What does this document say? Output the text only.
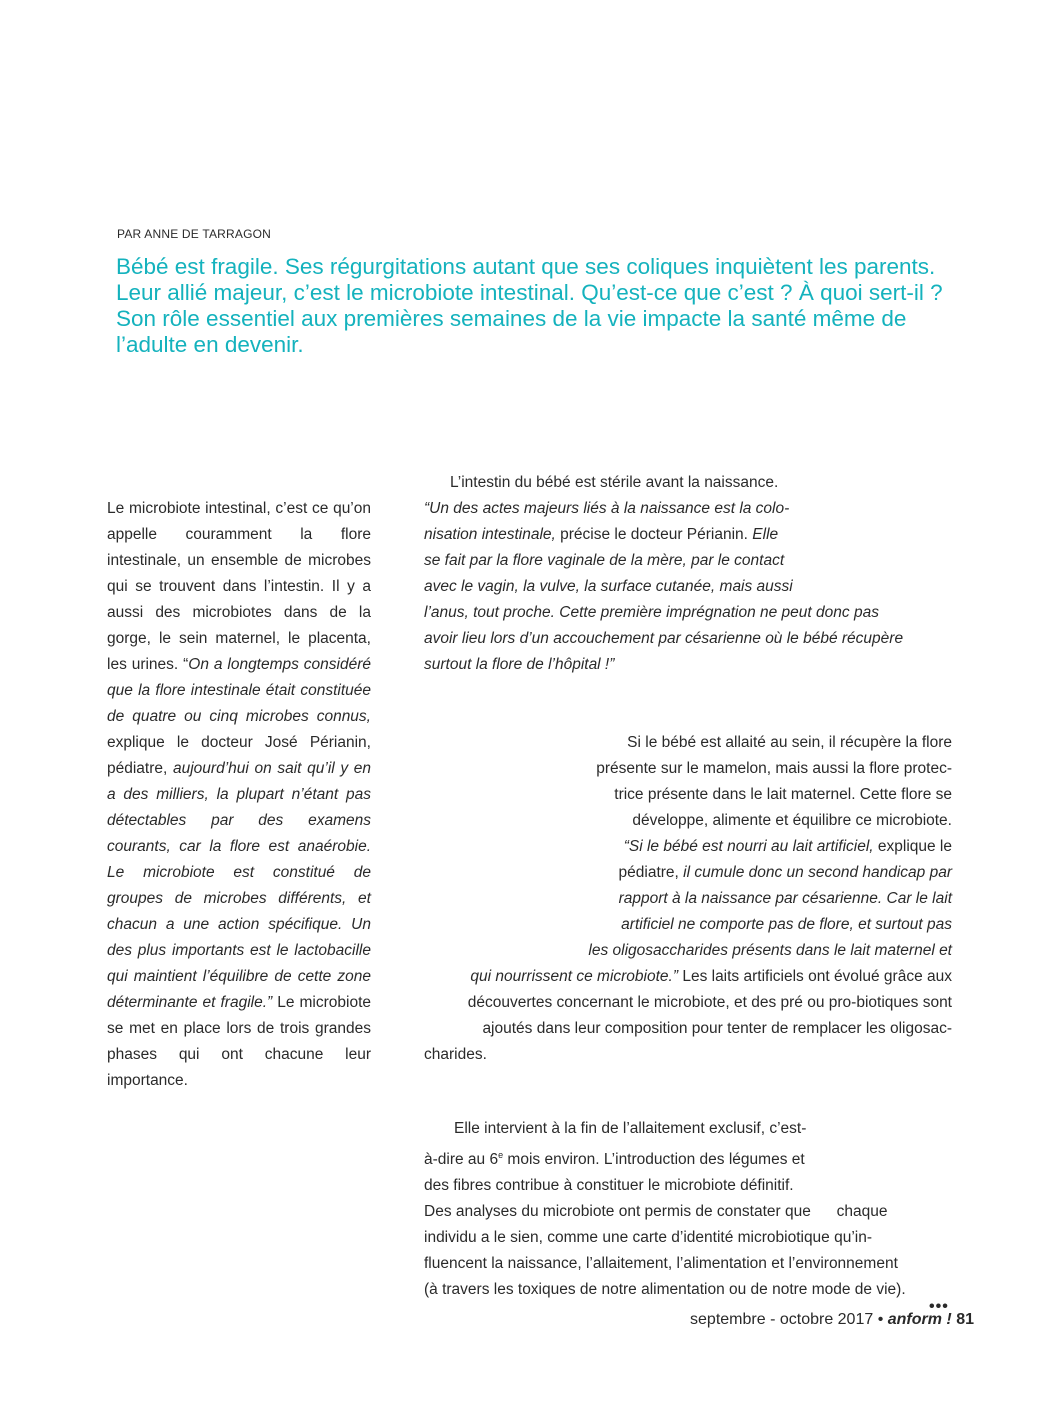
PAR ANNE DE TARRAGON
Bébé est fragile. Ses régurgitations autant que ses coliques inquiètent les parents. Leur allié majeur, c’est le microbiote intestinal. Qu’est-ce que c’est ? À quoi sert-il ? Son rôle essentiel aux premières semaines de la vie impacte la santé même de l’adulte en devenir.

Le microbiote intestinal, c’est ce qu’on appelle couramment la flore intestinale, un ensemble de microbes qui se trouvent dans l’intestin. Il y a aussi des microbiotes dans de la gorge, le sein maternel, le placenta, les urines. “On a longtemps considéré que la flore intestinale était constituée de quatre ou cinq microbes connus, explique le docteur José Périanin, pédiatre, aujourd’hui on sait qu’il y en a des milliers, la plupart n’étant pas détectables par des examens courants, car la flore est anaérobie. Le microbiote est constitué de groupes de microbes différents, et chacun a une action spécifique. Un des plus importants est le lactobacille qui maintient l’équilibre de cette zone déterminante et fragile.” Le microbiote se met en place lors de trois grandes phases qui ont chacune leur importance.

L’intestin du bébé est stérile avant la naissance.
“Un des actes majeurs liés à la naissance est la colo-
nisation intestinale, précise le docteur Périanin. Elle
se fait par la flore vaginale de la mère, par le contact
avec le vagin, la vulve, la surface cutanée, mais aussi
l’anus, tout proche. Cette première imprégnation ne peut donc pas
avoir lieu lors d’un accouchement par césarienne où le bébé récupère
surtout la flore de l’hôpital !”
Si le bébé est allaité au sein, il récupère la flore
présente sur le mamelon, mais aussi la flore protec-
trice présente dans le lait maternel. Cette flore se
développe, alimente et équilibre ce microbiote.
“Si le bébé est nourri au lait artificiel, explique le
pédiatre, il cumule donc un second handicap par
rapport à la naissance par césarienne. Car le lait
artificiel ne comporte pas de flore, et surtout pas
les oligosaccharides présents dans le lait maternel et
qui nourrissent ce microbiote.” Les laits artificiels ont évolué grâce aux
découvertes concernant le microbiote, et des pré ou pro-biotiques sont
ajoutés dans leur composition pour tenter de remplacer les oligosac-
charides.
Elle intervient à la fin de l’allaitement exclusif, c’est-
à-dire au 6e mois environ. L’introduction des légumes et
des fibres contribue à constituer le microbiote définitif.
Des analyses du microbiote ont permis de constater que      chaque
individu a le sien, comme une carte d’identité microbiotique qu’in-
fluencent la naissance, l’allaitement, l’alimentation et l’environnement
(à travers les toxiques de notre alimentation ou de notre mode de vie).
•••
septembre - octobre 2017 • anform ! 81
